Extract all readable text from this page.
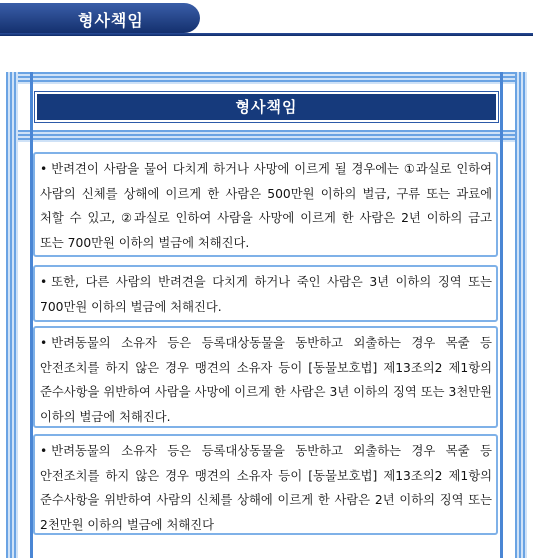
형사책임
형사책임

• 반려견이 사람을 물어 다치게 하거나 사망에 이르게 될 경우에는 ①과실로 인하여 사람의 신체를 상해에 이르게 한 사람은 500만원 이하의 벌금, 구류 또는 과료에 처할 수 있고, ②과실로 인하여 사람을 사망에 이르게 한 사람은 2년 이하의 금고 또는 700만원 이하의 벌금에 처해진다.

• 또한, 다른 사람의 반려견을 다치게 하거나 죽인 사람은 3년 이하의 징역 또는 700만원 이하의 벌금에 처해진다.

• 반려동물의 소유자 등은 등록대상동물을 동반하고 외출하는 경우 목줄 등 안전조치를 하지 않은 경우 맹견의 소유자 등이 [동물보호법] 제13조의2 제1항의 준수사항을 위반하여 사람을 사망에 이르게 한 사람은 3년 이하의 징역 또는 3천만원 이하의 벌금에 처해진다.

• 반려동물의 소유자 등은 등록대상동물을 동반하고 외출하는 경우 목줄 등 안전조치를 하지 않은 경우 맹견의 소유자 등이 [동물보호법] 제13조의2 제1항의 준수사항을 위반하여 사람의 신체를 상해에 이르게 한 사람은 2년 이하의 징역 또는 2천만원 이하의 벌금에 처해진다
